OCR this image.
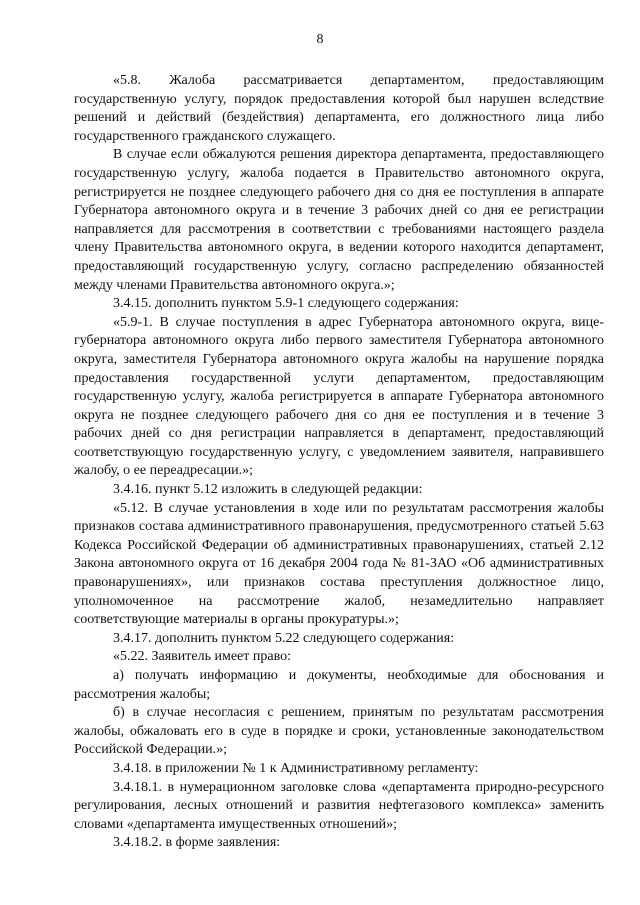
8

«5.8. Жалоба рассматривается департаментом, предоставляющим государственную услугу, порядок предоставления которой был нарушен вследствие решений и действий (бездействия) департамента, его должностного лица либо государственного гражданского служащего.

В случае если обжалуются решения директора департамента, предоставляющего государственную услугу, жалоба подается в Правительство автономного округа, регистрируется не позднее следующего рабочего дня со дня ее поступления в аппарате Губернатора автономного округа и в течение 3 рабочих дней со дня ее регистрации направляется для рассмотрения в соответствии с требованиями настоящего раздела члену Правительства автономного округа, в ведении которого находится департамент, предоставляющий государственную услугу, согласно распределению обязанностей между членами Правительства автономного округа.»;

3.4.15. дополнить пунктом 5.9-1 следующего содержания:

«5.9-1. В случае поступления в адрес Губернатора автономного округа, вице-губернатора автономного округа либо первого заместителя Губернатора автономного округа, заместителя Губернатора автономного округа жалобы на нарушение порядка предоставления государственной услуги департаментом, предоставляющим государственную услугу, жалоба регистрируется в аппарате Губернатора автономного округа не позднее следующего рабочего дня со дня ее поступления и в течение 3 рабочих дней со дня регистрации направляется в департамент, предоставляющий соответствующую государственную услугу, с уведомлением заявителя, направившего жалобу, о ее переадресации.»;

3.4.16. пункт 5.12 изложить в следующей редакции:

«5.12. В случае установления в ходе или по результатам рассмотрения жалобы признаков состава административного правонарушения, предусмотренного статьей 5.63 Кодекса Российской Федерации об административных правонарушениях, статьей 2.12 Закона автономного округа от 16 декабря 2004 года № 81-ЗАО «Об административных правонарушениях», или признаков состава преступления должностное лицо, уполномоченное на рассмотрение жалоб, незамедлительно направляет соответствующие материалы в органы прокуратуры.»;

3.4.17. дополнить пунктом 5.22 следующего содержания:

«5.22. Заявитель имеет право:

а) получать информацию и документы, необходимые для обоснования и рассмотрения жалобы;

б) в случае несогласия с решением, принятым по результатам рассмотрения жалобы, обжаловать его в суде в порядке и сроки, установленные законодательством Российской Федерации.»;

3.4.18. в приложении № 1 к Административному регламенту:

3.4.18.1. в нумерационном заголовке слова «департамента природно-ресурсного регулирования, лесных отношений и развития нефтегазового комплекса» заменить словами «департамента имущественных отношений»;

3.4.18.2. в форме заявления:
